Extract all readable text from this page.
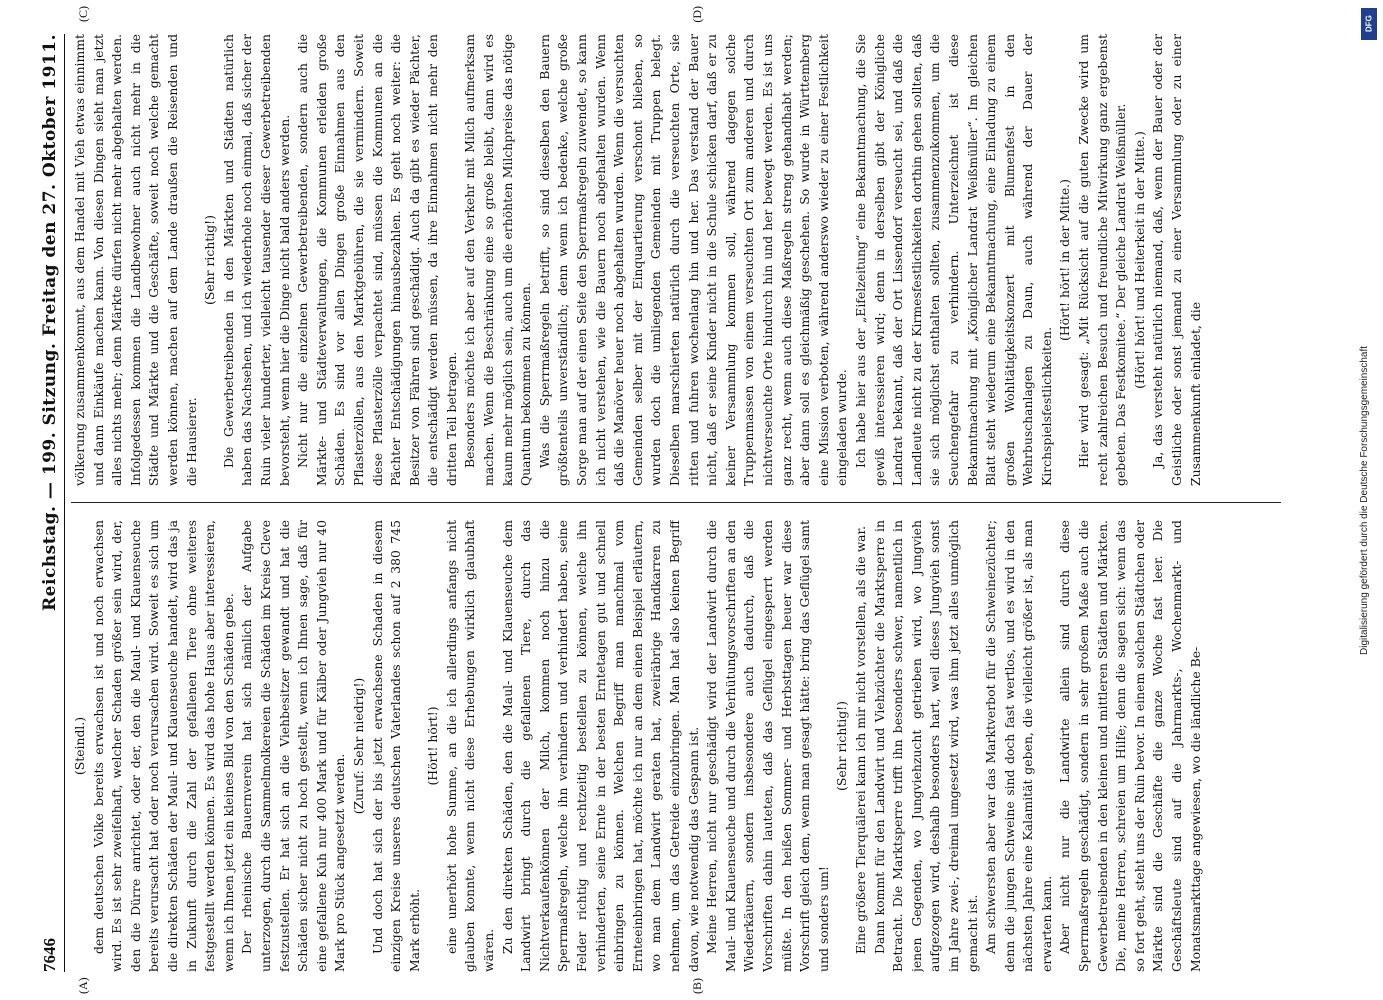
7646
Reichstag. — 199. Sitzung. Freitag den 27. Oktober 1911.

(Steindl.) dem deutschen Volke bereits erwachsen ist und noch erwachsen wird. Es ist sehr zweifelhaft, welcher Schaden größer sein wird, der, den die Dürre anrichtet, oder der, den die Maul- und Klauenseuche bereits verursacht hat oder noch verursachen wird. Soweit es sich um die direkten Schäden der Maul- und Klauenseuche handelt, wird das ja in Zukunft durch die Zahl der gefallenen Tiere ohne weiteres festgestellt werden können. Es wird das hohe Haus aber interessieren, wenn ich Ihnen jetzt ein kleines Bild von den Schäden gebe. Der rheinische Bauernverein hat sich nämlich der Aufgabe unterzogen, durch die Sammelmolkereien die Schäden im Kreise Cleve festzustellen. Er hat sich an die Viehbesitzer gewandt und hat die Schäden sicher nicht zu hoch gestellt, wenn ich Ihnen sage, daß für eine gefallene Kuh nur 400 Mark und für Kälber oder Jungvieh nur 40 Mark pro Stück angesetzt werden.

(Zuruf: Sehr niedrig!) Und doch hat sich der bis jetzt erwachsene Schaden in diesem einzigen Kreise unseres deutschen Vaterlandes schon auf 2 380 745 Mark erhöht.

(Hört! hört!) eine unerhört hohe Summe, an die ich allerdings anfangs nicht glauben konnte, wenn nicht diese Erhebungen wirklich glaubhaft wären. Zu den direkten Schäden, den die Maul- und Klauenseuche dem Landwirt bringt durch die gefallenen Tiere, durch das Nichtverkaufenkönnen der Milch, kommen noch hinzu die Sperrmaßregeln, welche ihn verhindern und verhindert haben, seine Felder richtig und rechtzeitig bestellen zu können, welche ihn verhinderten, seine Ernte in der besten Erntetagen gut und schnell einbringen zu können. Welchen Begriff man manchmal vom Ernteeinbringen hat, möchte ich nur an dem einen Beispiel erläutern, wo man dem Landwirt geraten hat, zweiräbrige Handkarren zu nehmen, um das Getreide einzubringen. Man hat also keinen Begriff davon, wie notwendig das Gespann ist. Meine Herren, nicht nur geschädigt wird der Landwirt durch die Maul- und Klauenseuche und durch die Verhütungsvorschriften an den Wiederkäuern, sondern insbesondere auch dadurch, daß die Vorschriften dahin lauteten, daß das Geflügel eingesperrt werden müßte. In den heißen Sommer- und Herbsttagen heuer war diese Vorschrift gleich dem, wenn man gesagt hätte: bring das Geflügel samt und sonders um!

(Sehr richtig!) Eine größere Tierquälerei kann ich mir nicht vorstellen, als die war. Dann kommt für den Landwirt und Viehzüchter die Marktsperre in Betracht. Die Marktsperre trifft ihn besonders schwer, namentlich in jenen Gegenden, wo Jungviehzucht getrieben wird, wo Jungvieh aufgezogen wird, deshalb besonders hart, weil dieses Jungvieh sonst im Jahre zwei-, dreimal umgesetzt wird, was ihm jetzt alles unmöglich gemacht ist. Am schwersten aber war das Marktverbot für die Schweinezüchter; denn die jungen Schweine sind doch fast wertlos, und es wird in den nächsten Jahre eine Kalamität geben, die vielleicht größer ist, als man erwarten kann. Aber nicht nur die Landwirte allein sind durch diese Sperrmaßregeln geschädigt, sondern in sehr großem Maße auch die Gewerbetreibenden in den kleinen und mittleren Städten und Märkten. Die, meine Herren, schreien um Hilfe; denn die sagen sich: wenn das so fort geht, steht uns der Ruin bevor. In einem solchen Städtchen oder Märkte sind die Geschäfte die ganze Woche fast leer. Die Geschäftsleute sind auf die Jahrmarkts-, Wochenmarkt- und Monatsmarkttage angewiesen, wo die ländliche Be-

völkerung zusammenkommt, aus dem Handel mit Vieh etwas einnimmt und dann Einkäufe machen kann. Von diesen Dingen sieht man jetzt alles nichts mehr; denn Märkte dürfen nicht mehr abgehalten werden. Infolgedessen kommen die Landbewohner auch nicht mehr in die Städte und Märkte und die Geschäfte, soweit noch welche gemacht werden können, machen auf dem Lande draußen die Reisenden und die Hausierer.

(Sehr richtig!) Die Gewerbetreibenden in den Märkten und Städten natürlich haben das Nachsehen, und ich wiederhole noch einmal, daß sicher der Ruin vieler hunderter, vielleicht tausender dieser Gewerbetreibenden bevorsteht, wenn hier die Dinge nicht bald anders werden. Nicht nur die einzelnen Gewerbetreibenden, sondern auch die Märkte- und Städteverwaltungen, die Kommunen erleiden große Schäden. Es sind vor allen Dingen große Einnahmen aus den Pflasterzöllen, aus den Marktgebühren, die sie vermindern. Soweit diese Pflasterzölle verpachtet sind, müssen die Kommunen an die Pächter Entschädigungen hinausbezahlen. Es geht noch weiter: die Besitzer von Fähren sind geschädigt. Auch da gibt es wieder Pächter, die entschädigt werden müssen, da ihre Einnahmen nicht mehr den dritten Teil betragen. Besonders möchte ich aber auf den Verkehr mit Milch aufmerksam machen. Wenn die Beschränkung eine so große bleibt, dann wird es kaum mehr möglich sein, auch um die erhöhten Milchpreise das nötige Quantum bekommen zu können. Was die Sperrmaßregeln betrifft, so sind dieselben den Bauern größtenteils unverständlich; denn wenn ich bedenke, welche große Sorge man auf der einen Seite den Sperrmaßregeln zuwendet, so kann ich nicht verstehen, wie die Bauern noch abgehalten wurden. Wenn daß die Manöver heuer noch abgehalten wurden. Wenn die versuchten Gemeinden selber mit der Einquartierung verschont blieben, so wurden doch die umliegenden Gemeinden mit Truppen belegt. Dieselben marschierten natürlich durch die verseuchten Orte, sie ritten und fuhren wochenlang hin und her. Das verstand der Bauer nicht, daß er seine Kinder nicht in die Schule schicken darf, daß er zu keiner Versammlung kommen soll, während dagegen solche Truppenmassen von einem verseuchten Ort zum anderen und durch nichtverseuchte Orte hindurch hin und her bewegt werden. Es ist uns ganz recht, wenn auch diese Maßregeln streng gehandhabt werden; aber dann soll es gleichmäßig geschehen. So wurde in Württemberg eine Mission verboten, während anderswo wieder zu einer Festlichkeit eingeladen wurde. Ich habe hier aus der „Eifelzeitung“ eine Bekanntmachung, die Sie gewiß interessieren wird; denn in derselben gibt der Königliche Landrat bekannt, daß der Ort Lissendorf verseucht sei, und daß die Landleute nicht zu der Kirmesfestlichkeiten dorthin gehen sollten, daß sie sich möglichst enthalten sollten, zusammenzukommen, um die Seuchengefahr zu verhindern. Unterzeichnet ist diese Bekanntmachung mit „Königlicher Landrat Weißmüller“. Im gleichen Blatt steht wiederum eine Bekanntmachung, eine Einladung zu einem großen Wohltätigkeitskonzert mit Blumenfest in den Wehrbuschanlagen zu Daun, auch während der Dauer der Kirchspielsfestlichkeiten.

(Hört! hört! in der Mitte.) Hier wird gesagt: „Mit Rücksicht auf die guten Zwecke wird um recht zahlreichen Besuch und freundliche Mitwirkung ganz ergebenst gebeten. Das Festkomitee.“ Der gleiche Landrat Weißmüller. (Hört! hört! und Heiterkeit in der Mitte.) Ja, das versteht natürlich niemand, daß, wenn der Bauer oder der Geistliche oder sonst jemand zu einer Versammlung oder zu einer Zusammenkunft einladet, die

(A)	(B)
(C)	(D)
Digitalisierung gefördert durch die Deutsche Forschungsgemeinschaft
DFG
